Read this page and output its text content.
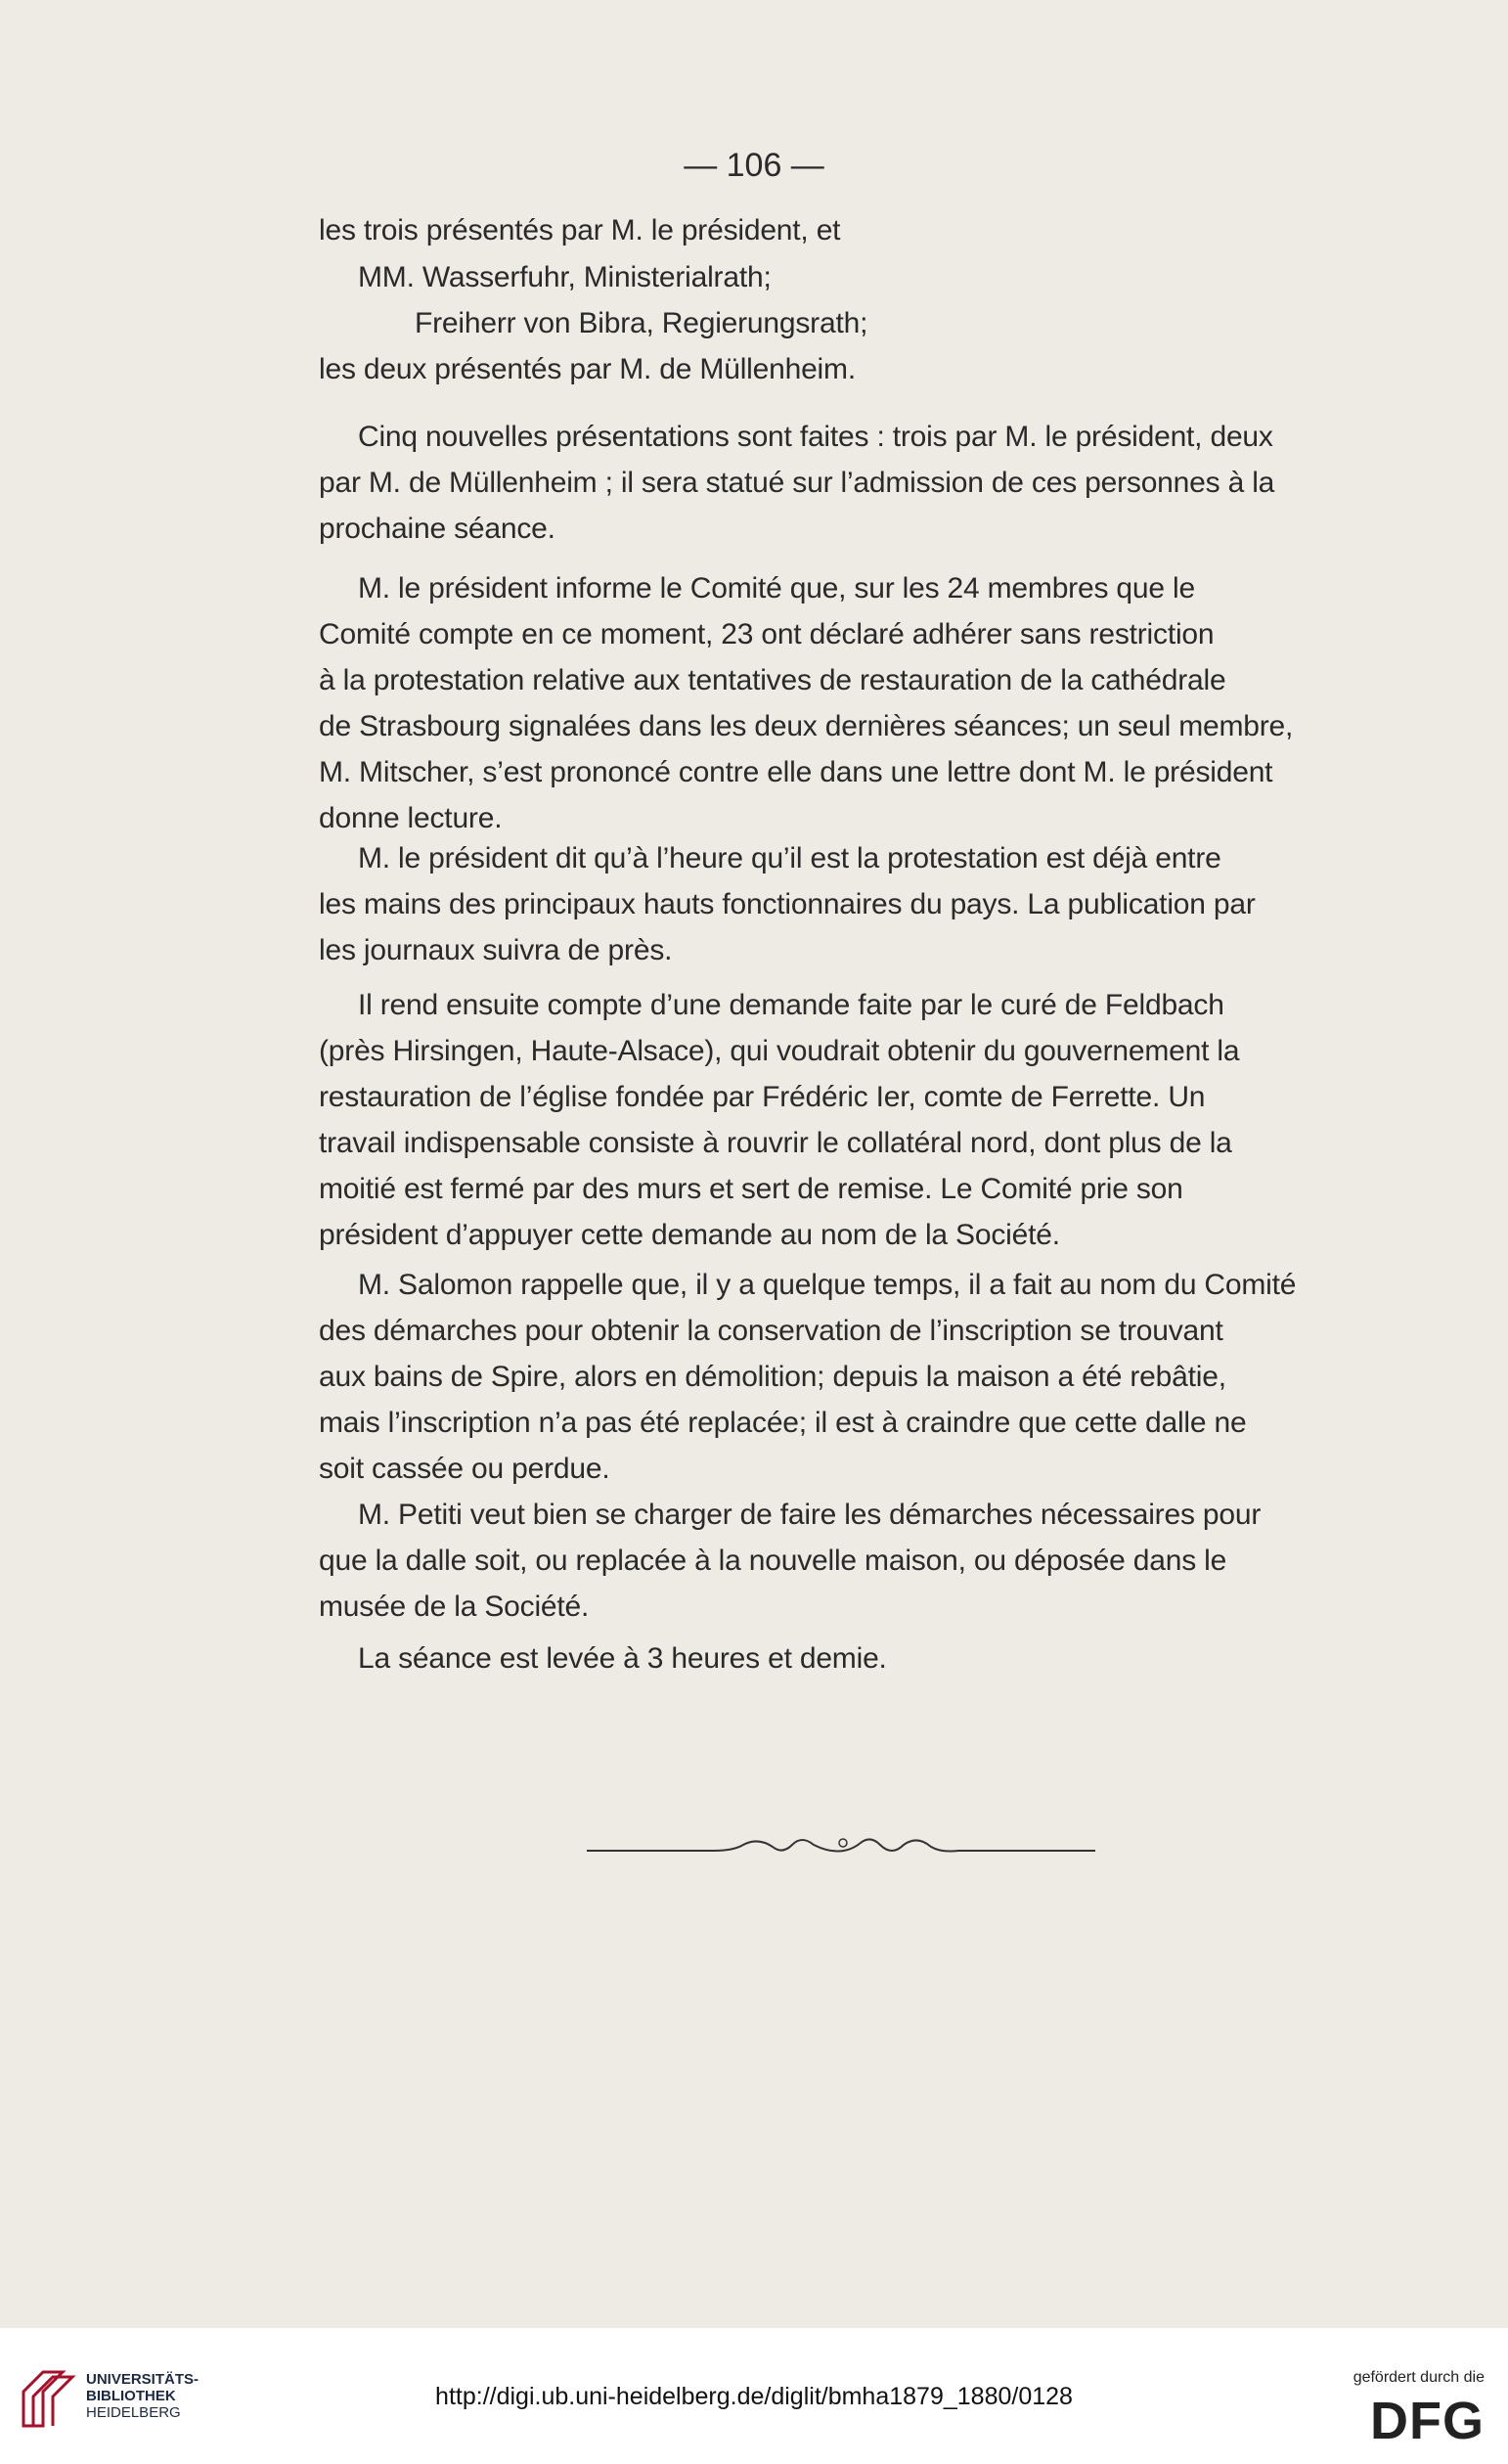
— 106 —
les trois présentés par M. le président, et
MM. Wasserfuhr, Ministerialrath;
Freiherr von Bibra, Regierungsrath;
les deux présentés par M. de Müllenheim.
Cinq nouvelles présentations sont faites : trois par M. le président, deux
par M. de Müllenheim ; il sera statué sur l’admission de ces personnes à la
prochaine séance.
M. le président informe le Comité que, sur les 24 membres que le
Comité compte en ce moment, 23 ont déclaré adhérer sans restriction
à la protestation relative aux tentatives de restauration de la cathédrale
de Strasbourg signalées dans les deux dernières séances; un seul membre,
M. Mitscher, s’est prononcé contre elle dans une lettre dont M. le président
donne lecture.
M. le président dit qu’à l’heure qu’il est la protestation est déjà entre
les mains des principaux hauts fonctionnaires du pays. La publication par
les journaux suivra de près.
Il rend ensuite compte d’une demande faite par le curé de Feldbach
(près Hirsingen, Haute-Alsace), qui voudrait obtenir du gouvernement la
restauration de l’église fondée par Frédéric Ier, comte de Ferrette. Un
travail indispensable consiste à rouvrir le collatéral nord, dont plus de la
moitié est fermé par des murs et sert de remise. Le Comité prie son
président d’appuyer cette demande au nom de la Société.
M. Salomon rappelle que, il y a quelque temps, il a fait au nom du Comité
des démarches pour obtenir la conservation de l’inscription se trouvant
aux bains de Spire, alors en démolition; depuis la maison a été rebâtie,
mais l’inscription n’a pas été replacée; il est à craindre que cette dalle ne
soit cassée ou perdue.
M. Petiti veut bien se charger de faire les démarches nécessaires pour
que la dalle soit, ou replacée à la nouvelle maison, ou déposée dans le
musée de la Société.
La séance est levée à 3 heures et demie.
UNIVERSITÄTS-
BIBLIOTHEK
HEIDELBERG
http://digi.ub.uni-heidelberg.de/diglit/bmha1879_1880/0128
gefördert durch die
DFG
